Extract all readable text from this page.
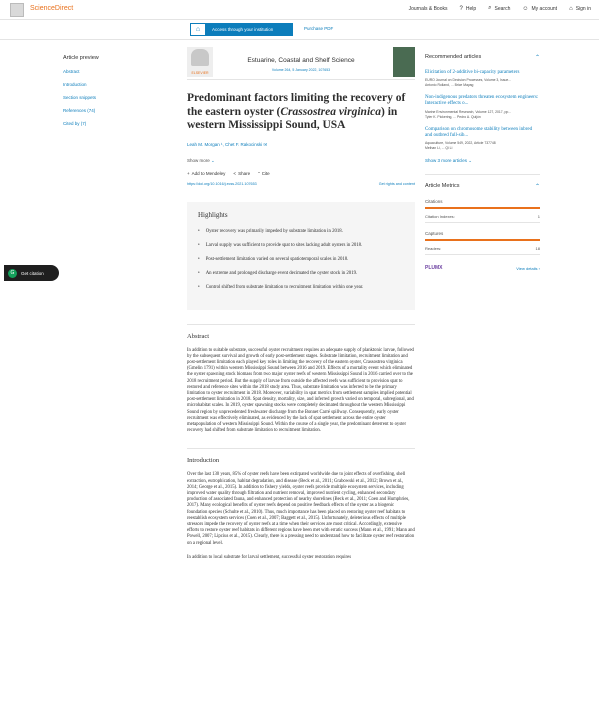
ScienceDirect	Journals & Books ? Help ⌕ Search ☺ My account ⌂ Sign in
⌂	Access through your institution	Purchase PDF
Article preview
Abstract
Introduction
Section snippets
References (74)
Cited by (7)
G	Get citation
ELSEVIER
Estuarine, Coastal and Shelf Science
Volume 264, 5 January 2022, 107653
Predominant factors limiting the recovery of the eastern oyster (Crassostrea virginica) in western Mississippi Sound, USA
Leah M. Morgan ¹, Chet F. Rakocinski ✉
Show more ⌄
+ Add to Mendeley < Share " Cite
https://doi.org/10.1016/j.ecss.2021.107653	Get rights and content
Highlights
• Oyster recovery was primarily impeded by substrate limitation in 2018.
• Larval supply was sufficient to provide spat to sites lacking adult oysters in 2018.
• Post-settlement limitation varied on several spatiotemporal scales in 2018.
• An extreme and prolonged discharge event decimated the oyster stock in 2019.
• Control shifted from substrate limitation to recruitment limitation within one year.
Abstract

In addition to suitable substrate, successful oyster recruitment requires an adequate supply of planktonic larvae, followed by the subsequent survival and growth of early post-settlement stages. Substrate limitation, recruitment limitation and post-settlement limitation each played key roles in limiting the recovery of the eastern oyster, Crassostrea virginica (Gmelin 1791) within western Mississippi Sound between 2016 and 2019. Effects of a mortality event which eliminated the oyster spawning stock biomass from two major oyster reefs of western Mississippi Sound in 2016 carried over to the 2018 recruitment period. But the supply of larvae from outside the affected reefs was sufficient to provision spat to restored and reference sites within the 2018 study area. Thus, substrate limitation was inferred to be the primary limitation to oyster recruitment in 2018. Moreover, variability in spat metrics from settlement samples implied potential post-settlement limitation in 2018. Spat density, mortality, size, and inferred growth varied on temporal, subregional, and microhabitat scales. In 2019, oyster spawning stocks were completely decimated throughout the western Mississippi Sound region by unprecedented freshwater discharge from the Bonnet Carré spillway. Consequently, early oyster recruitment was effectively eliminated, as evidenced by the lack of spat settlement across the entire oyster metapopulation of western Mississippi Sound. Within the course of a single year, the predominant deterrent to oyster recovery had shifted from substrate limitation to recruitment limitation.

Introduction

Over the last 130 years, 85% of oyster reefs have been extirpated worldwide due to joint effects of overfishing, shell extraction, eutrophication, habitat degradation, and disease (Beck et al., 2011; Grabowski et al., 2012; Brown et al., 2014; George et al., 2015). In addition to fishery yields, oyster reefs provide multiple ecosystem services, including improved water quality through filtration and nutrient removal, improved nutrient cycling, enhanced secondary production of associated fauna, and enhanced protection of nearby shorelines (Beck et al., 2011; Coen and Humphries, 2017). Many ecological benefits of oyster reefs depend on positive feedback effects of the oyster as a biogenic foundation species (Schulte et al., 2010). Thus, much importance has been placed on restoring oyster reef habitats to reestablish ecosystem services (Coen et al., 2007; Baggett et al., 2015). Unfortunately, deleterious effects of multiple stressors impede the recovery of oyster reefs at a time when their services are most critical. Accordingly, extensive efforts to restore oyster reef habitats in different regions have been met with erratic success (Mann et al., 1991; Mann and Powell, 2007; Lipcius et al., 2015). Clearly, there is a pressing need to understand how to facilitate oyster reef restoration on a regional level.

In addition to local substrate for larval settlement, successful oyster restoration requires

Recommended articles	⌃
Elicitation of 2-additive bi-capacity parameters
EURO Journal on Decision Processes, Volume 3, Issue...
Antonio Rolland, ... Brice Mayag
Non-indigenous predators threaten ecosystem engineers: Interactive effects o...
Marine Environmental Research, Volume 127, 2017, pp...
Tyler K. Pickering, ... Pedro A. Quijón
Comparison on chromosome stability between inbred and outbred full-sib...
Aquaculture, Volume 549, 2022, Article 737748
Meihan Li, ... Qi Li
Show 3 more articles ⌄
Article Metrics	⌃
Citations
Citation Indexes:	1
Captures
Readers:	18
PLUMX	View details ›
